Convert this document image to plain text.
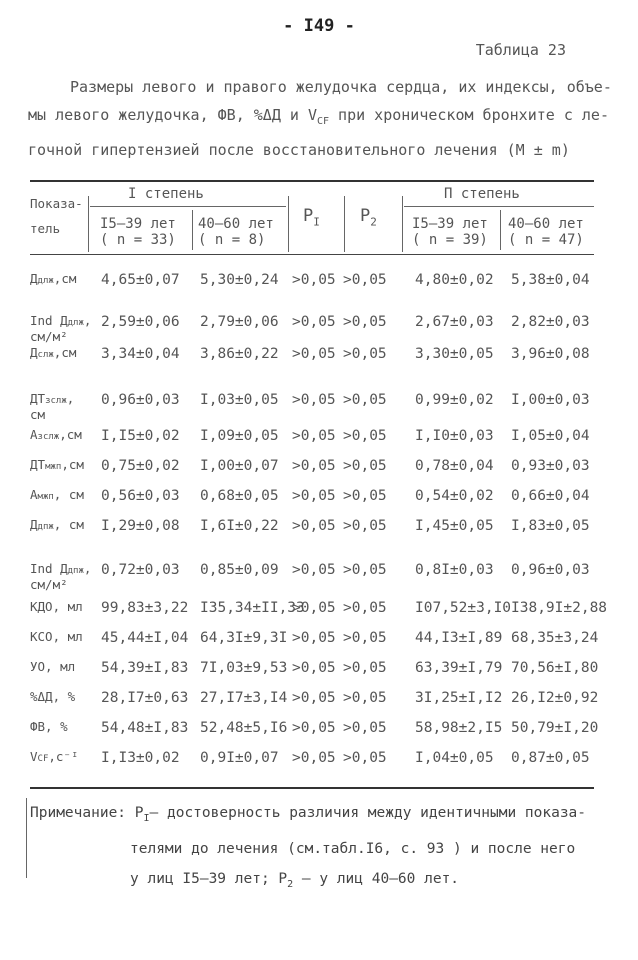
- I49 -
Таблица 23
Размеры левого и правого желудочка сердца, их индексы, объе-
мы левого желудочка, ФВ, %ΔД и $V_{CF}$ при хроническом бронхите с ле-
гочной гипертензией после восстановительного лечения (M ± m)
Показа-
тель
I степень
I5–39 лет
( n = 33)
40–60 лет
( n = 8)
$P_I$ $P_2$
П степень
I5–39 лет
( n = 39)
40–60 лет
( n = 47)
Ддлж,см 4,65±0,07 5,30±0,24 >0,05 >0,05 4,80±0,02 5,38±0,04
Ind Ддлж,
см/м²
2,59±0,06 2,79±0,06 >0,05 >0,05 2,67±0,03 2,82±0,03
Дслж,см 3,34±0,04 3,86±0,22 >0,05 >0,05 3,30±0,05 3,96±0,08
ДТзслж,
см
0,96±0,03 I,03±0,05 >0,05 >0,05 0,99±0,02 I,00±0,03
Азслж,см I,I5±0,02 I,09±0,05 >0,05 >0,05 I,I0±0,03 I,05±0,04
ДТмжп,см 0,75±0,02 I,00±0,07 >0,05 >0,05 0,78±0,04 0,93±0,03
Амжп, см 0,56±0,03 0,68±0,05 >0,05 >0,05 0,54±0,02 0,66±0,04
Ддпж, см I,29±0,08 I,6I±0,22 >0,05 >0,05 I,45±0,05 I,83±0,05
Ind Ддпж,
см/м²
0,72±0,03 0,85±0,09 >0,05 >0,05 0,8I±0,03 0,96±0,03
КДО, мл 99,83±3,22 I35,34±II,33
>0,05 >0,05 I07,52±3,I0 I38,9I±2,88
КСО, мл 45,44±I,04 64,3I±9,3I >0,05 >0,05 44,I3±I,89 68,35±3,24
УО, мл 54,39±I,83 7I,03±9,53 >0,05 >0,05 63,39±I,79 70,56±I,80
%ΔД, % 28,I7±0,63 27,I7±3,I4 >0,05 >0,05 3I,25±I,I2 26,I2±0,92
ФВ, % 54,48±I,83 52,48±5,I6 >0,05 >0,05 58,98±2,I5 50,79±I,20
VCF,c⁻ᴵ I,I3±0,02 0,9I±0,07 >0,05 >0,05 I,04±0,05 0,87±0,05
Примечание: $P_I-$ достоверность различия между идентичными показа-
телями до лечения (см.табл.I6, с. 93 ) и после него
у лиц I5–39 лет; $P_2$ – у лиц 40–60 лет.
